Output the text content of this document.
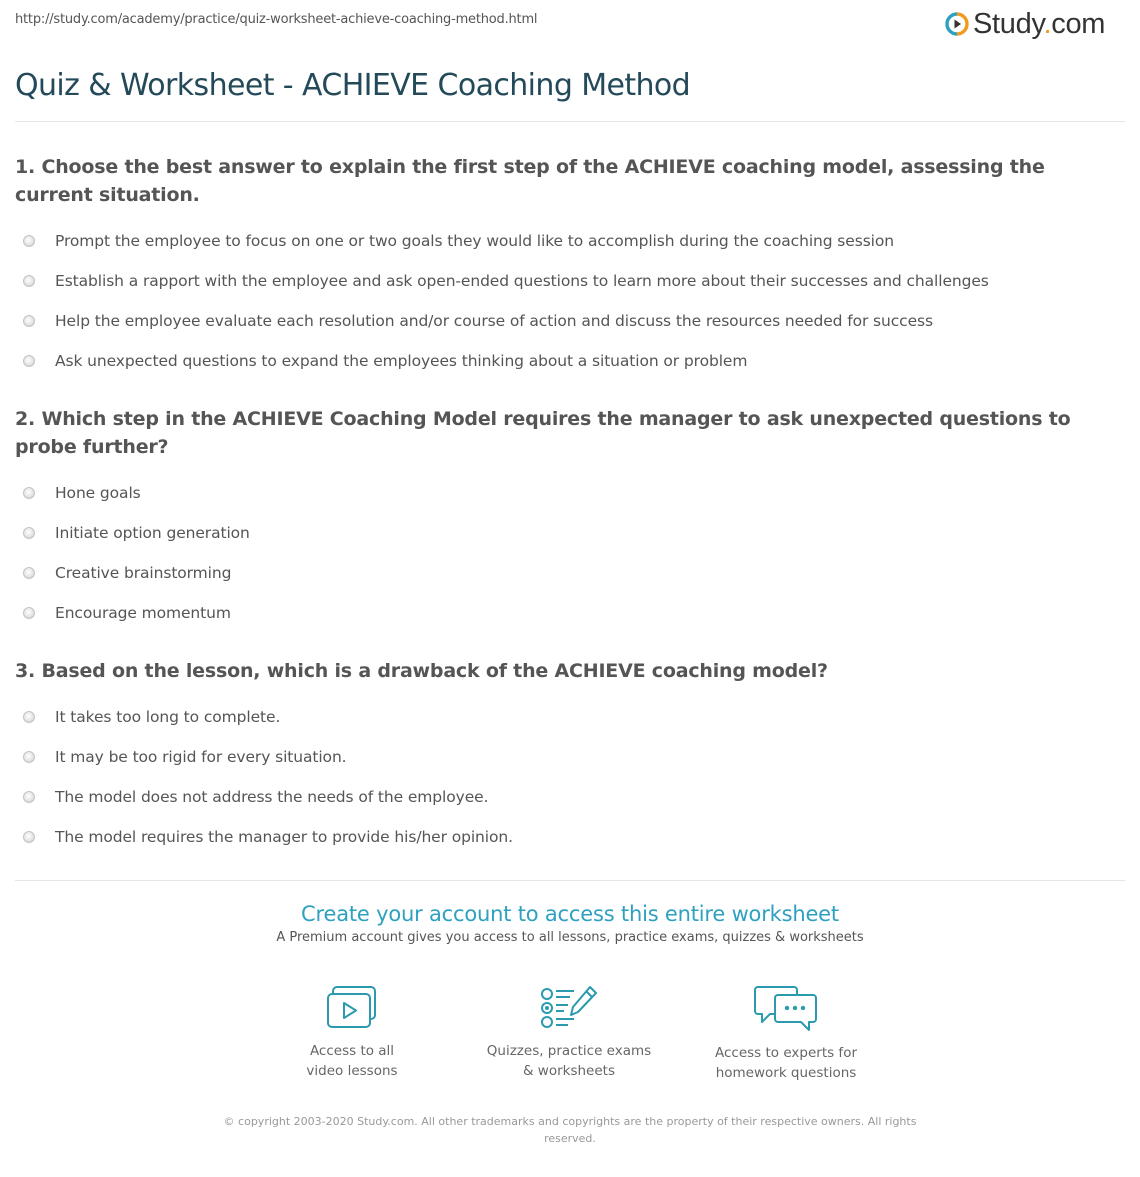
http://study.com/academy/practice/quiz-worksheet-achieve-coaching-method.html	Study.com
Quiz & Worksheet - ACHIEVE Coaching Method

1. Choose the best answer to explain the first step of the ACHIEVE coaching model, assessing the current situation.

Prompt the employee to focus on one or two goals they would like to accomplish during the coaching session
Establish a rapport with the employee and ask open-ended questions to learn more about their successes and challenges
Help the employee evaluate each resolution and/or course of action and discuss the resources needed for success
Ask unexpected questions to expand the employees thinking about a situation or problem

2. Which step in the ACHIEVE Coaching Model requires the manager to ask unexpected questions to probe further?

Hone goals
Initiate option generation
Creative brainstorming
Encourage momentum

3. Based on the lesson, which is a drawback of the ACHIEVE coaching model?

It takes too long to complete.
It may be too rigid for every situation.
The model does not address the needs of the employee.
The model requires the manager to provide his/her opinion.
Create your account to access this entire worksheet
A Premium account gives you access to all lessons, practice exams, quizzes & worksheets
Access to all
video lessons
Quizzes, practice exams
& worksheets
Access to experts for
homework questions
© copyright 2003-2020 Study.com. All other trademarks and copyrights are the property of their respective owners. All rights reserved.
